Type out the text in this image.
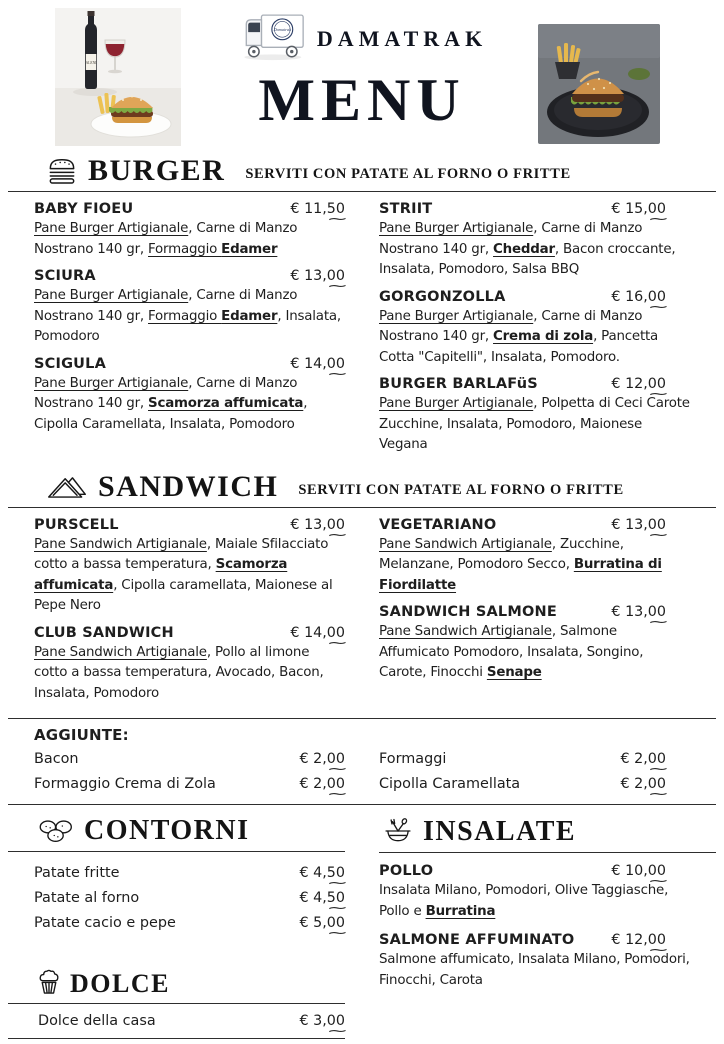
ALENI
Damatrak DAMATRAK
MENU
BURGER	SERVITI CON PATATE AL FORNO O FRITTE
BABY FIOEU	€ 11,50 ~

Pane Burger Artigianale, Carne di Manzo Nostrano 140 gr, Formaggio Edamer

SCIURA	€ 13,00 ~

Pane Burger Artigianale, Carne di Manzo Nostrano 140 gr, Formaggio Edamer, Insalata, Pomodoro

SCIGULA	€ 14,00 ~

Pane Burger Artigianale, Carne di Manzo Nostrano 140 gr, Scamorza affumicata, Cipolla Caramellata, Insalata, Pomodoro

STRIIT	€ 15,00 ~

Pane Burger Artigianale, Carne di Manzo Nostrano 140 gr, Cheddar, Bacon croccante, Insalata, Pomodoro, Salsa BBQ

GORGONZOLLA	€ 16,00 ~

Pane Burger Artigianale, Carne di Manzo Nostrano 140 gr, Crema di zola, Pancetta Cotta "Capitelli", Insalata, Pomodoro.

BURGER BARLAFüS	€ 12,00 ~

Pane Burger Artigianale, Polpetta di Ceci Carote Zucchine, Insalata, Pomodoro, Maionese Vegana

SANDWICH	SERVITI CON PATATE AL FORNO O FRITTE
PURSCELL	€ 13,00 ~

Pane Sandwich Artigianale, Maiale Sfilacciato cotto a bassa temperatura, Scamorza affumicata, Cipolla caramellata, Maionese al Pepe Nero

CLUB SANDWICH	€ 14,00 ~

Pane Sandwich Artigianale, Pollo al limone cotto a bassa temperatura, Avocado, Bacon, Insalata, Pomodoro

VEGETARIANO	€ 13,00 ~

Pane Sandwich Artigianale, Zucchine, Melanzane, Pomodoro Secco, Burratina di Fiordilatte

SANDWICH SALMONE	€ 13,00 ~

Pane Sandwich Artigianale, Salmone Affumicato Pomodoro, Insalata, Songino, Carote, Finocchi Senape

AGGIUNTE:
Bacon	€ 2,00 ~
Formaggio Crema di Zola	€ 2,00 ~
Formaggi	€ 2,00 ~
Cipolla Caramellata	€ 2,00 ~
CONTORNI
Patate fritte	€ 4,50 ~
Patate al forno	€ 4,50 ~
Patate cacio e pepe	€ 5,00 ~
DOLCE
Dolce della casa	€ 3,00 ~
INSALATE
POLLO	€ 10,00 ~

Insalata Milano, Pomodori, Olive Taggiasche, Pollo e Burratina

SALMONE AFFUMINATO	€ 12,00 ~

Salmone affumicato, Insalata Milano, Pomodori, Finocchi, Carota
